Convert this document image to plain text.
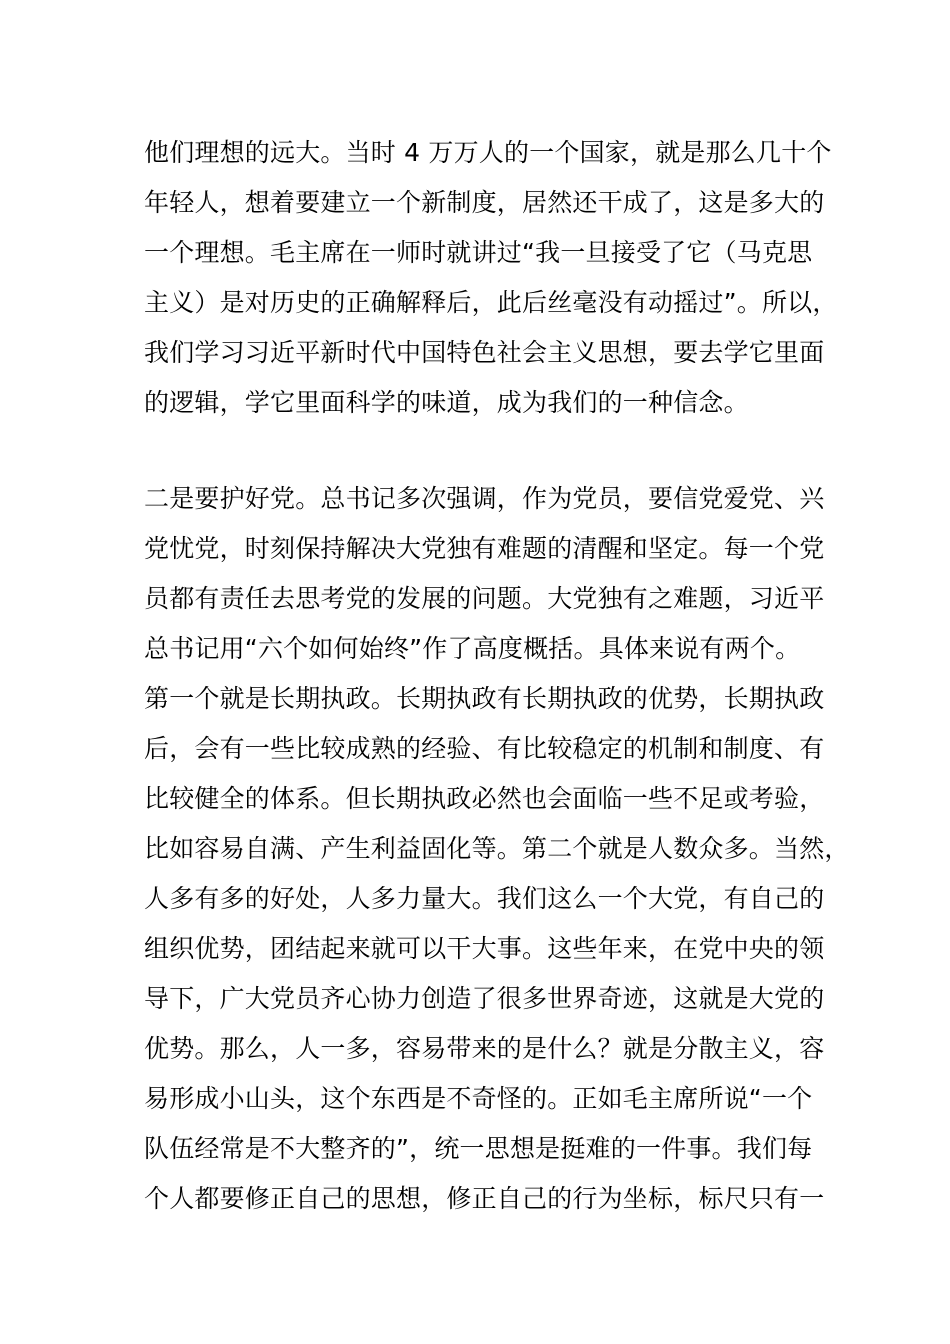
他们理想的远大。当时 4 万万人的一个国家，就是那么几十个
年轻人，想着要建立一个新制度，居然还干成了，这是多大的
一个理想。毛主席在一师时就讲过“我一旦接受了它（马克思
主义）是对历史的正确解释后，此后丝毫没有动摇过”。所以，
我们学习习近平新时代中国特色社会主义思想，要去学它里面
的逻辑，学它里面科学的味道，成为我们的一种信念。
二是要护好党。总书记多次强调，作为党员，要信党爱党、兴
党忧党，时刻保持解决大党独有难题的清醒和坚定。每一个党
员都有责任去思考党的发展的问题。大党独有之难题，习近平
总书记用“六个如何始终”作了高度概括。具体来说有两个。
第一个就是长期执政。长期执政有长期执政的优势，长期执政
后，会有一些比较成熟的经验、有比较稳定的机制和制度、有
比较健全的体系。但长期执政必然也会面临一些不足或考验，
比如容易自满、产生利益固化等。第二个就是人数众多。当然，
人多有多的好处，人多力量大。我们这么一个大党，有自己的
组织优势，团结起来就可以干大事。这些年来，在党中央的领
导下，广大党员齐心协力创造了很多世界奇迹，这就是大党的
优势。那么，人一多，容易带来的是什么？就是分散主义，容
易形成小山头，这个东西是不奇怪的。正如毛主席所说“一个
队伍经常是不大整齐的”，统一思想是挺难的一件事。我们每
个人都要修正自己的思想，修正自己的行为坐标，标尺只有一
